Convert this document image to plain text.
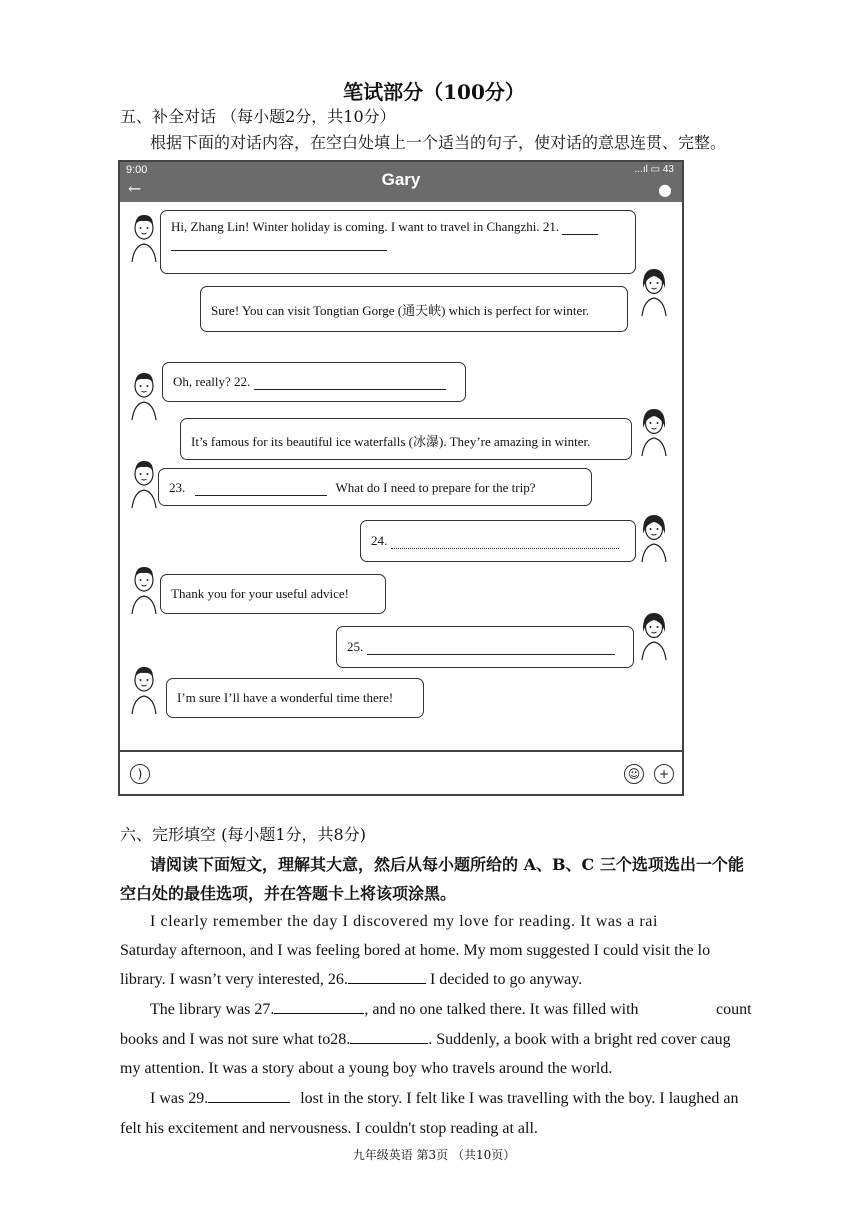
笔试部分（100分）
五、补全对话 （每小题2分，共10分）
根据下面的对话内容，在空白处填上一个适当的句子，使对话的意思连贯、完整。
9:00
←	Gary
...ıl ▭ 43
●
Hi, Zhang Lin! Winter holiday is coming. I want to travel in Changzhi. 21.

Sure! You can visit Tongtian Gorge (通天峡) which is perfect for winter.
Oh, really? 22.
It’s famous for its beautiful ice waterfalls (冰瀑). They’re amazing in winter.
23.	What do I need to prepare for the trip?
24.
Thank you for your useful advice!
25.
I’m sure I’ll have a wonderful time there!
)	☺	+
六、完形填空 (每小题1分，共8分)
请阅读下面短文，理解其大意，然后从每小题所给的 A、B、C 三个选项选出一个能
空白处的最佳选项，并在答题卡上将该项涂黑。
I clearly remember the day I discovered my love for reading. It was a rai
Saturday afternoon, and I was feeling bored at home. My mom suggested I could visit the lo
library. I wasn’t very interested, 26.	I decided to go anyway.
The library was 27.	, and no one talked there. It was filled with	count
books and I was not sure what to28.	. Suddenly, a book with a bright red cover caug
my attention. It was a story about a young boy who travels around the world.
I was 29.	lost in the story. I felt like I was travelling with the boy. I laughed an
felt his excitement and nervousness. I couldn't stop reading at all.
九年级英语 第3页 （共10页）
